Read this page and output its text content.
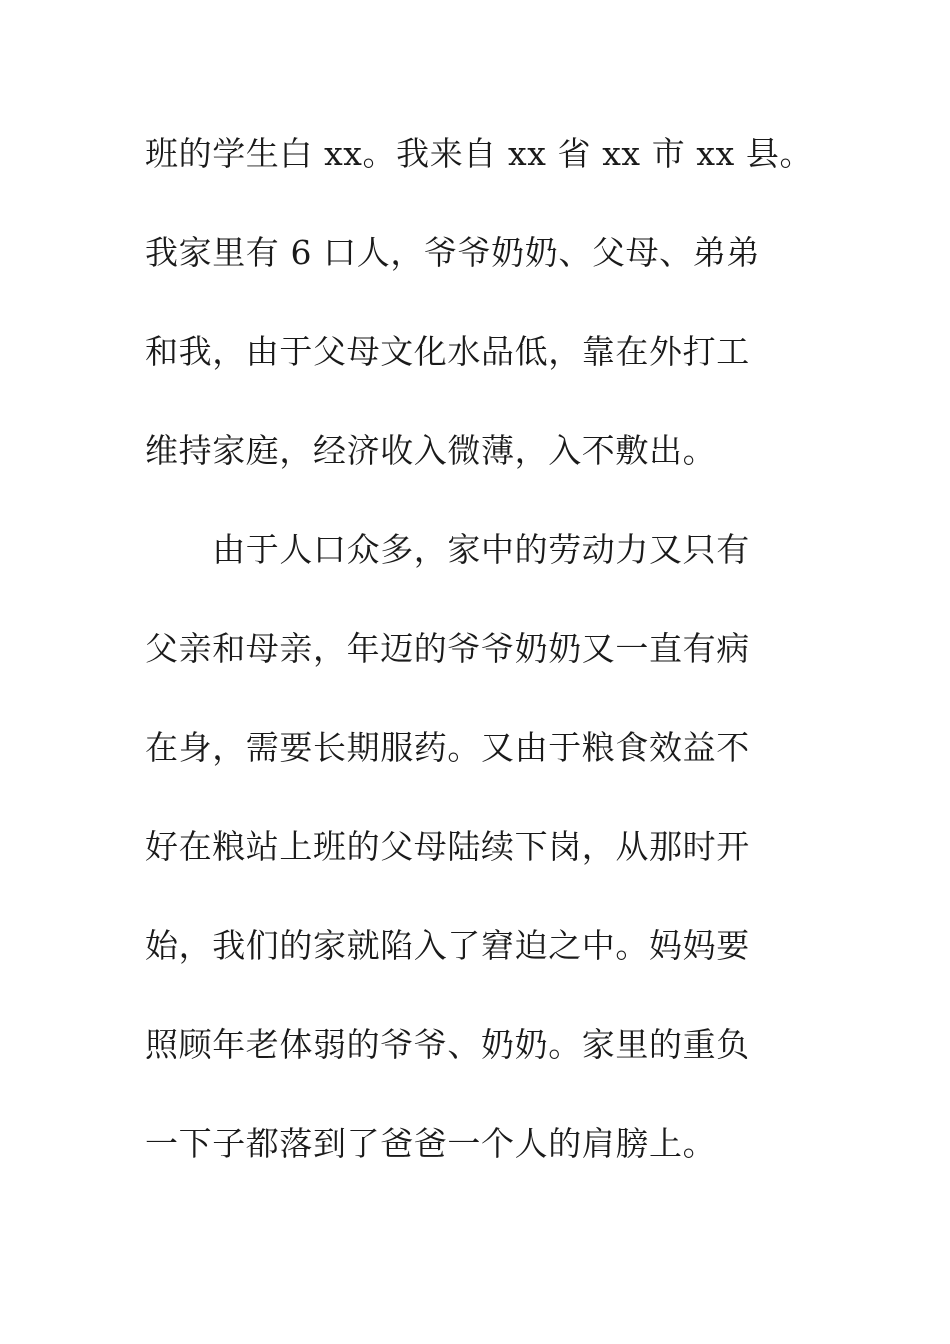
班的学生白 xx。我来自 xx 省 xx 市 xx 县。
我家里有 6 口人，爷爷奶奶、父母、弟弟
和我，由于父母文化水品低，靠在外打工
维持家庭，经济收入微薄，入不敷出。
　　由于人口众多，家中的劳动力又只有
父亲和母亲，年迈的爷爷奶奶又一直有病
在身，需要长期服药。又由于粮食效益不
好在粮站上班的父母陆续下岗，从那时开
始，我们的家就陷入了窘迫之中。妈妈要
照顾年老体弱的爷爷、奶奶。家里的重负
一下子都落到了爸爸一个人的肩膀上。
